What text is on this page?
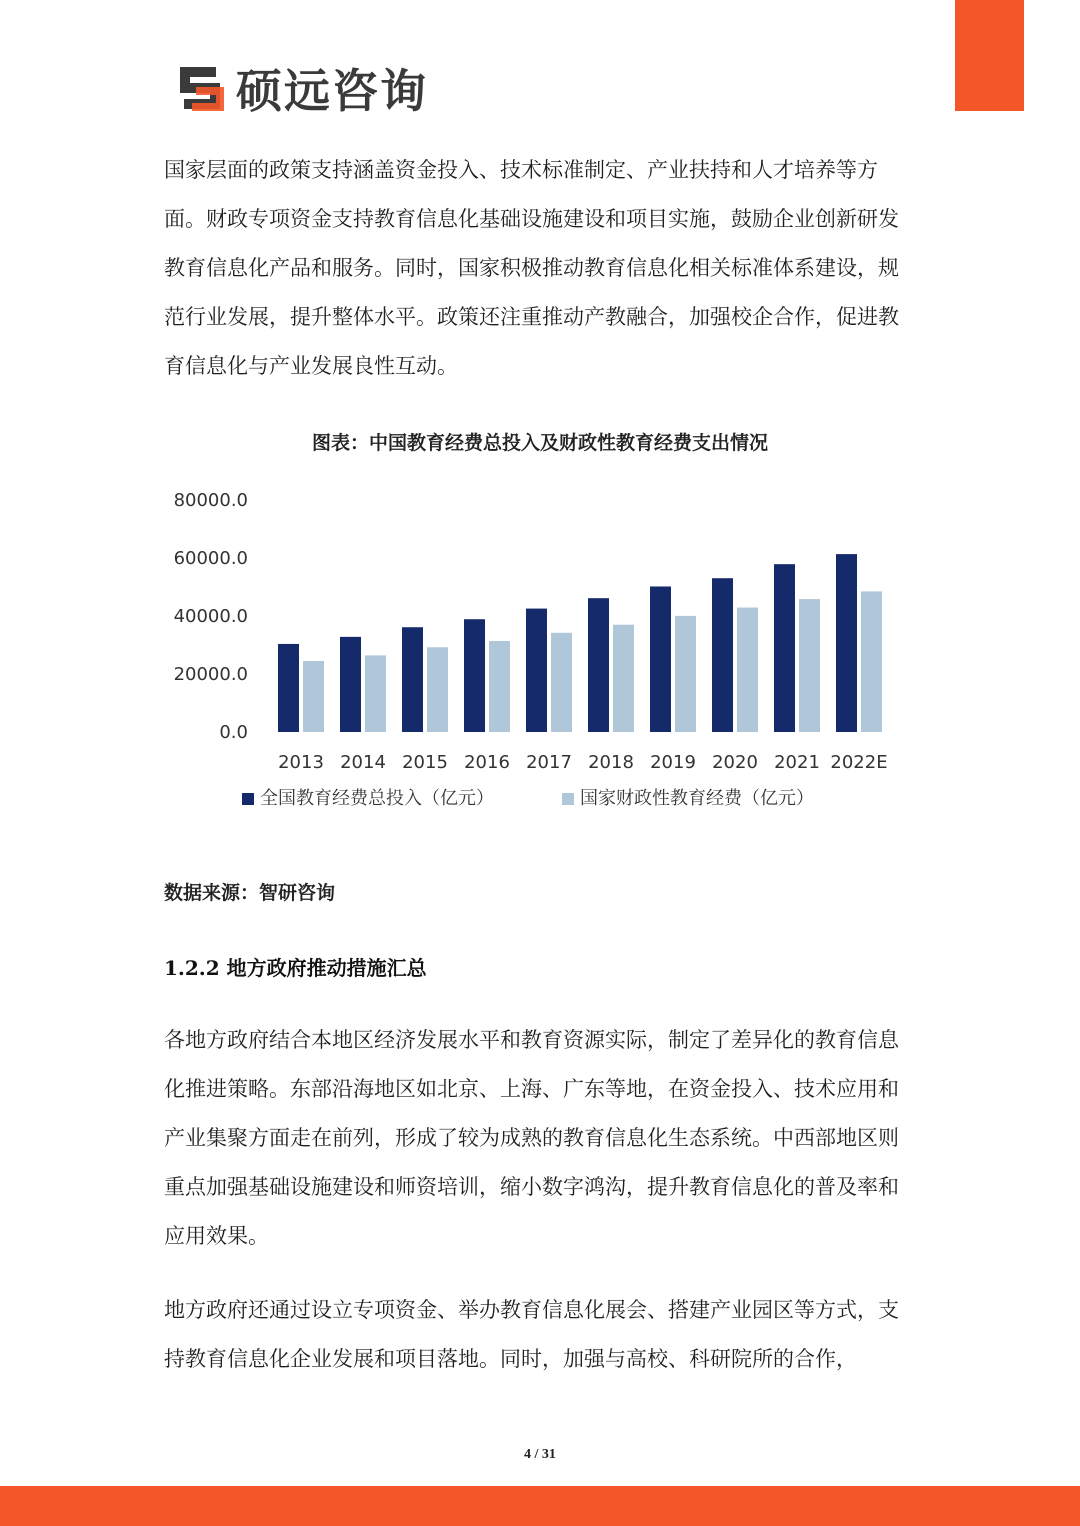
硕远咨询

国家层面的政策支持涵盖资金投入、技术标准制定、产业扶持和人才培养等方面。财政专项资金支持教育信息化基础设施建设和项目实施，鼓励企业创新研发教育信息化产品和服务。同时，国家积极推动教育信息化相关标准体系建设，规范行业发展，提升整体水平。政策还注重推动产教融合，加强校企合作，促进教育信息化与产业发展良性互动。

图表：中国教育经费总投入及财政性教育经费支出情况

80000.0
60000.0
40000.0
20000.0
0.0
2013 2014 2015 2016 2017 2018 2019 2020 2021 2022E
全国教育经费总投入（亿元）	国家财政性教育经费（亿元）

数据来源：智研咨询

1.2.2 地方政府推动措施汇总

各地方政府结合本地区经济发展水平和教育资源实际，制定了差异化的教育信息化推进策略。东部沿海地区如北京、上海、广东等地，在资金投入、技术应用和产业集聚方面走在前列，形成了较为成熟的教育信息化生态系统。中西部地区则重点加强基础设施建设和师资培训，缩小数字鸿沟，提升教育信息化的普及率和应用效果。

地方政府还通过设立专项资金、举办教育信息化展会、搭建产业园区等方式，支持教育信息化企业发展和项目落地。同时，加强与高校、科研院所的合作，

4 / 31
